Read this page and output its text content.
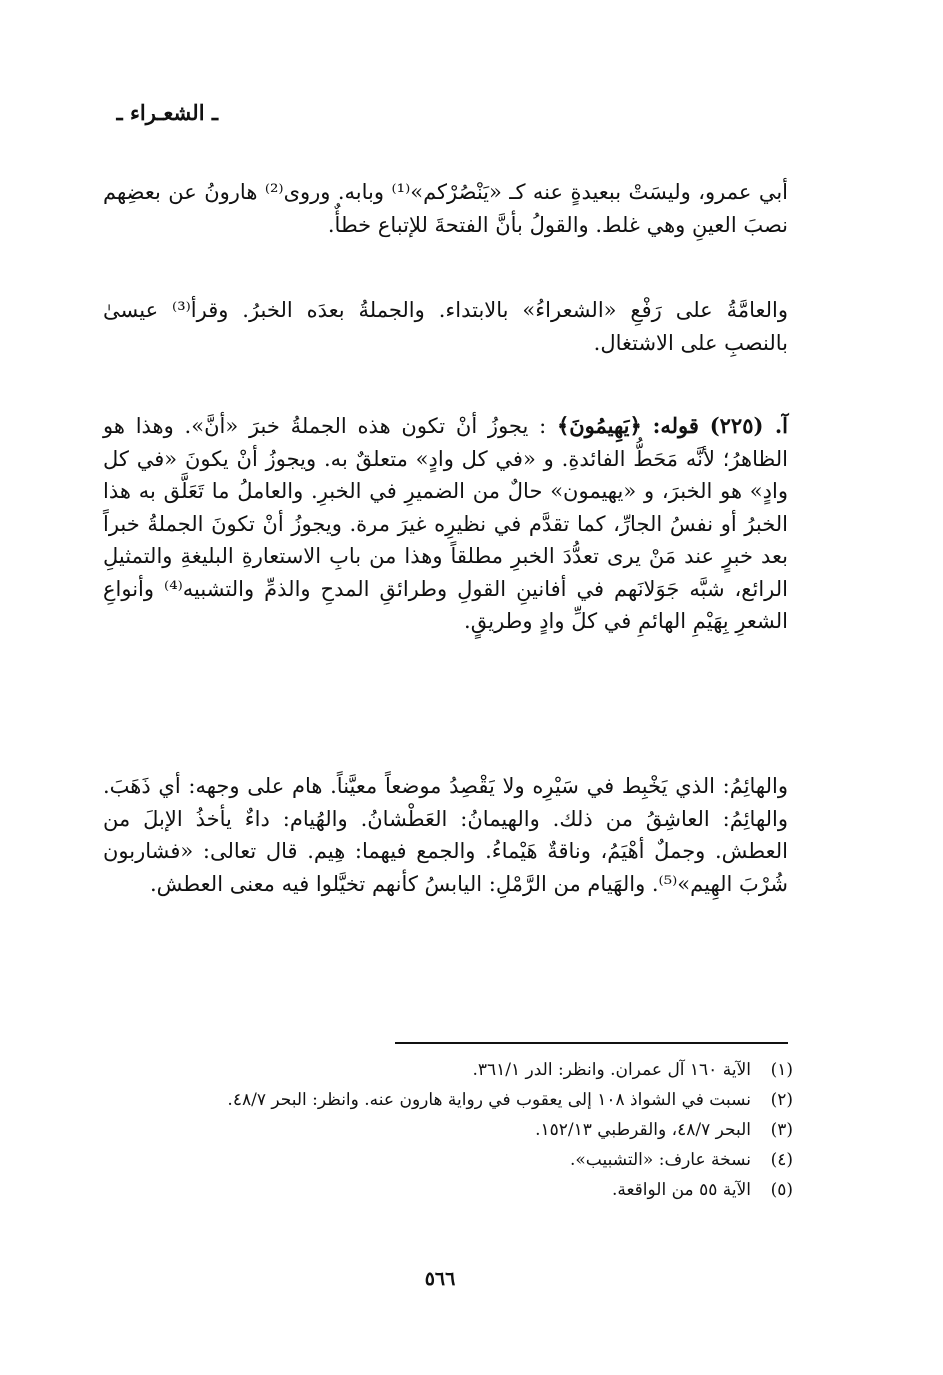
ـ الشعـراء ـ

أبي عمرو، وليسَتْ ببعيدةٍ عنه كـ «يَنْصُرْكم»⁽¹⁾ وبابه. وروى⁽²⁾ هارونُ عن بعضِهم نصبَ العينِ وهي غلط. والقولُ بأنَّ الفتحةَ للإتباع خطأٌ.

والعامَّةُ على رَفْعِ «الشعراءُ» بالابتداء. والجملةُ بعدَه الخبرُ. وقرأ⁽³⁾ عيسىٰ بالنصبِ على الاشتغال.

آ. (٢٢٥) قوله: ﴿يَهِيمُونَ﴾ : يجوزُ أنْ تكون هذه الجملةُ خبرَ «أنَّ». وهذا هو الظاهرُ؛ لأنَّه مَحَطُّ الفائدةِ. و «في كل وادٍ» متعلقٌ به. ويجوزُ أنْ يكونَ «في كل وادٍ» هو الخبرَ، و «يهيمون» حالٌ من الضميرِ في الخبرِ. والعاملُ ما تَعَلَّق به هذا الخبرُ أو نفسُ الجارِّ، كما تقدَّم في نظيرِه غيرَ مرة. ويجوزُ أنْ تكونَ الجملةُ خبراً بعد خبرٍ عند مَنْ يرى تعدُّدَ الخبرِ مطلقاً وهذا من بابِ الاستعارةِ البليغةِ والتمثيلِ الرائع، شبَّه جَوَلانَهم في أفانينِ القولِ وطرائقِ المدحِ والذمِّ والتشبيه⁽⁴⁾ وأنواعِ الشعرِ بِهَيْمِ الهائمِ في كلِّ وادٍ وطريقٍ.

والهائِمُ: الذي يَخْبِط في سَيْرِه ولا يَقْصِدُ موضعاً معيَّناً. هام على وجهه: أي ذَهَبَ. والهائِمُ: العاشِقُ من ذلك. والهيمانُ: العَطْشانُ. والهُيام: داءٌ يأخذُ الإبلَ من العطش. وجملٌ أهْيَمُ، وناقةٌ هَيْماءُ. والجمع فيهما: هِيم. قال تعالى: «فشاربون شُرْبَ الهِيم»⁽⁵⁾. والهَيام من الرَّمْلِ: اليابسُ كأنهم تخيَّلوا فيه معنى العطش.

(١)الآية ١٦٠ آل عمران. وانظر: الدر ٣٦١/١.
(٢)نسبت في الشواذ ١٠٨ إلى يعقوب في رواية هارون عنه. وانظر: البحر ٤٨/٧.
(٣)البحر ٤٨/٧، والقرطبي ١٥٢/١٣.
(٤)نسخة عارف: «التشبيب».
(٥)الآية ٥٥ من الواقعة.
٥٦٦
